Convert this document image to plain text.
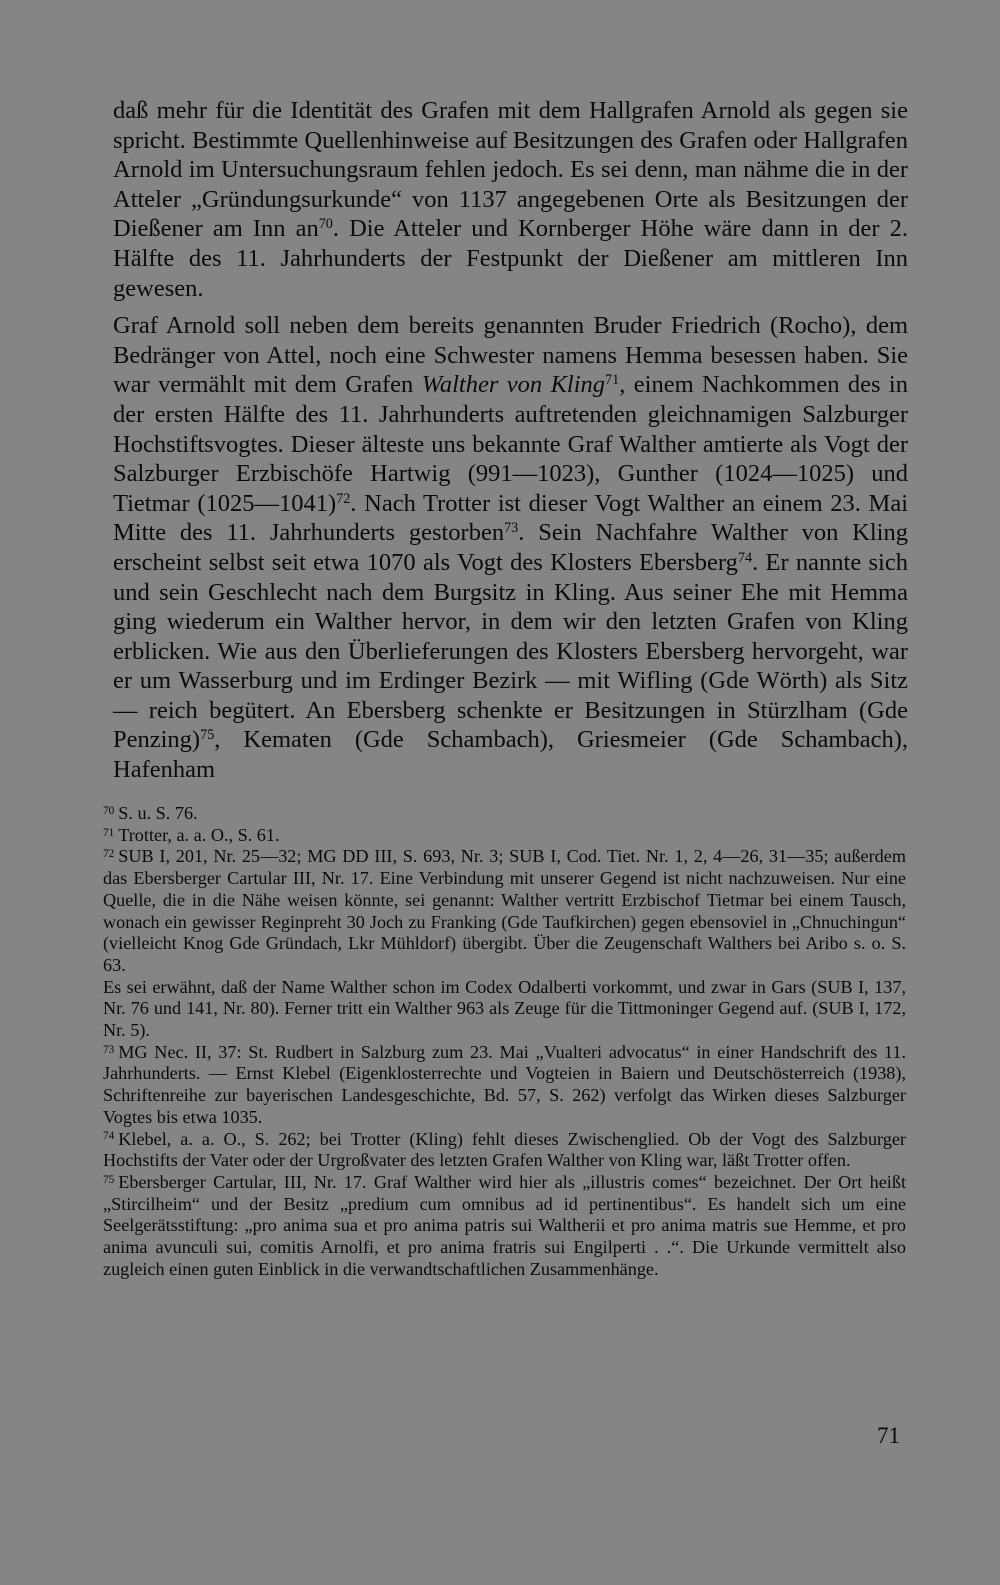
daß mehr für die Identität des Grafen mit dem Hallgrafen Arnold als gegen sie spricht. Bestimmte Quellenhinweise auf Besitzungen des Grafen oder Hallgrafen Arnold im Untersuchungsraum fehlen jedoch. Es sei denn, man nähme die in der Atteler „Gründungsurkunde“ von 1137 angegebenen Orte als Besitzungen der Dießener am Inn $an^{70}$. Die Atteler und Kornberger Höhe wäre dann in der 2. Hälfte des 11. Jahrhunderts der Festpunkt der Dießener am mittleren Inn gewesen.

Graf Arnold soll neben dem bereits genannten Bruder Friedrich (Rocho), dem Bedränger von Attel, noch eine Schwester namens Hemma besessen haben. Sie war vermählt mit dem Grafen Walther von Kling$^{71}$, einem Nachkommen des in der ersten Hälfte des 11. Jahrhunderts auftretenden gleichnamigen Salzburger Hochstiftsvogtes. Dieser älteste uns bekannte Graf Walther amtierte als Vogt der Salzburger Erzbischöfe Hartwig (991—1023), Gunther (1024—1025) und Tietmar (1025—1041)$^{72}$. Nach Trotter ist dieser Vogt Walther an einem 23. Mai Mitte des 11. Jahrhunderts gestorben$^{73}$. Sein Nachfahre Walther von Kling erscheint selbst seit etwa 1070 als Vogt des Klosters Ebersberg$^{74}$. Er nannte sich und sein Geschlecht nach dem Burgsitz in Kling. Aus seiner Ehe mit Hemma ging wiederum ein Walther hervor, in dem wir den letzten Grafen von Kling erblicken. Wie aus den Überlieferungen des Klosters Ebersberg hervorgeht, war er um Wasserburg und im Erdinger Bezirk — mit Wifling (Gde Wörth) als Sitz — reich begütert. An Ebersberg schenkte er Besitzungen in Stürzlham (Gde Penzing)$^{75}$, Kematen (Gde Schambach), Griesmeier (Gde Schambach), Hafenham

$^{70}$ S. u. S. 76.

$^{71}$ Trotter, a. a. O., S. 61.

$^{72}$ SUB I, 201, Nr. 25—32; MG DD III, S. 693, Nr. 3; SUB I, Cod. Tiet. Nr. 1, 2, 4—26, 31—35; außerdem das Ebersberger Cartular III, Nr. 17. Eine Verbindung mit unserer Gegend ist nicht nachzuweisen. Nur eine Quelle, die in die Nähe weisen könnte, sei genannt: Walther vertritt Erzbischof Tietmar bei einem Tausch, wonach ein gewisser Reginpreht 30 Joch zu Franking (Gde Taufkirchen) gegen ebensoviel in „Chnuchingun“ (vielleicht Knog Gde Gründach, Lkr Mühldorf) übergibt. Über die Zeugenschaft Walthers bei Aribo s. o. S. 63.

Es sei erwähnt, daß der Name Walther schon im Codex Odalberti vorkommt, und zwar in Gars (SUB I, 137, Nr. 76 und 141, Nr. 80). Ferner tritt ein Walther 963 als Zeuge für die Tittmoninger Gegend auf. (SUB I, 172, Nr. 5).

$^{73}$ MG Nec. II, 37: St. Rudbert in Salzburg zum 23. Mai „Vualteri advocatus“ in einer Handschrift des 11. Jahrhunderts. — Ernst Klebel (Eigenklosterrechte und Vogteien in Baiern und Deutschösterreich (1938), Schriftenreihe zur bayerischen Landesgeschichte, Bd. 57, S. 262) verfolgt das Wirken dieses Salzburger Vogtes bis etwa 1035.

$^{74}$ Klebel, a. a. O., S. 262; bei Trotter (Kling) fehlt dieses Zwischenglied. Ob der Vogt des Salzburger Hochstifts der Vater oder der Urgroßvater des letzten Grafen Walther von Kling war, läßt Trotter offen.

$^{75}$ Ebersberger Cartular, III, Nr. 17. Graf Walther wird hier als „illustris comes“ bezeichnet. Der Ort heißt „Stircilheim“ und der Besitz „predium cum omnibus ad id pertinentibus“. Es handelt sich um eine Seelgerätsstiftung: „pro anima sua et pro anima patris sui Waltherii et pro anima matris sue Hemme, et pro anima avunculi sui, comitis Arnolfi, et pro anima fratris sui Engilperti . .“. Die Urkunde vermittelt also zugleich einen guten Einblick in die verwandtschaftlichen Zusammenhänge.

71
